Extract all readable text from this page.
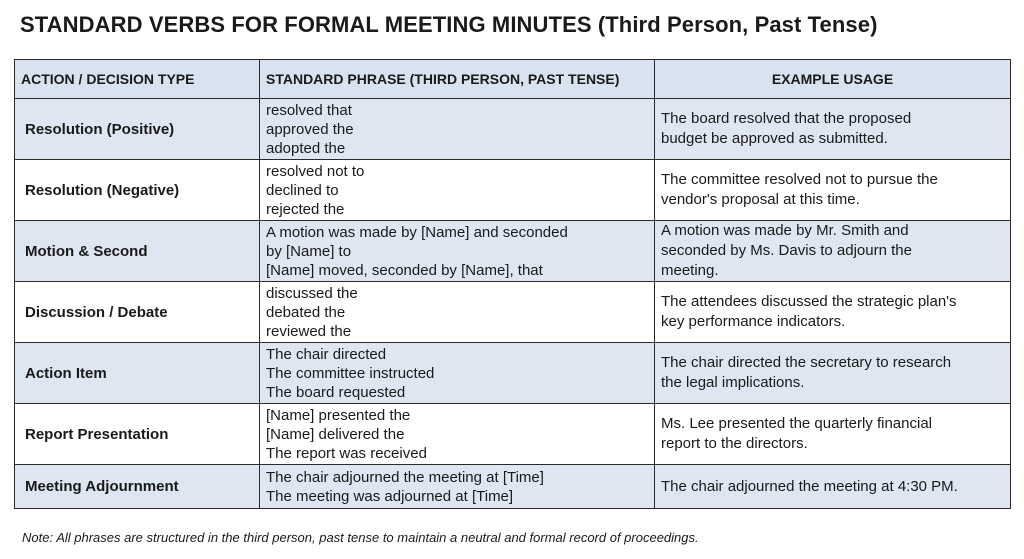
STANDARD VERBS FOR FORMAL MEETING MINUTES (Third Person, Past Tense)
ACTION / DECISION TYPE	STANDARD PHRASE (THIRD PERSON, PAST TENSE)	EXAMPLE USAGE
Resolution (Positive)	resolved that
approved the
adopted the	The board resolved that the proposed
budget be approved as submitted.

Resolution (Negative)	resolved not to
declined to
rejected the	The committee resolved not to pursue the
vendor's proposal at this time.

Motion & Second	A motion was made by [Name] and seconded
by [Name] to
[Name] moved, seconded by [Name], that	A motion was made by Mr. Smith and
seconded by Ms. Davis to adjourn the
meeting.

Discussion / Debate	discussed the
debated the
reviewed the	The attendees discussed the strategic plan's
key performance indicators.

Action Item	The chair directed
The committee instructed
The board requested	The chair directed the secretary to research
the legal implications.

Report Presentation	[Name] presented the
[Name] delivered the
The report was received	Ms. Lee presented the quarterly financial
report to the directors.

Meeting Adjournment	The chair adjourned the meeting at [Time]
The meeting was adjourned at [Time]	The chair adjourned the meeting at 4:30 PM.
Note: All phrases are structured in the third person, past tense to maintain a neutral and formal record of proceedings.
